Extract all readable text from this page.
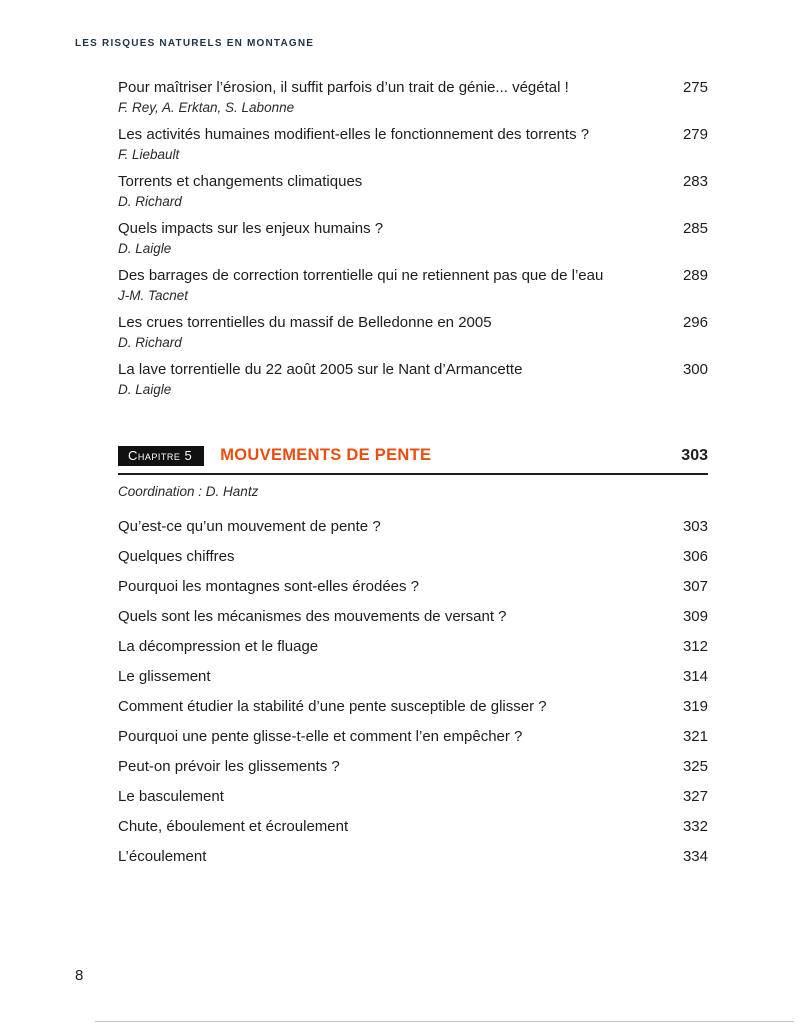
LES RISQUES NATURELS EN MONTAGNE
Pour maîtriser l’érosion, il suffit parfois d’un trait de génie... végétal !	275
F. Rey, A. Erktan, S. Labonne
Les activités humaines modifient-elles le fonctionnement des torrents ?	279
F. Liebault
Torrents et changements climatiques	283
D. Richard
Quels impacts sur les enjeux humains ?	285
D. Laigle
Des barrages de correction torrentielle qui ne retiennent pas que de l’eau	289
J-M. Tacnet
Les crues torrentielles du massif de Belledonne en 2005	296
D. Richard
La lave torrentielle du 22 août 2005 sur le Nant d’Armancette	300
D. Laigle
Chapitre 5	MOUVEMENTS DE PENTE	303
Coordination : D. Hantz
Qu’est-ce qu’un mouvement de pente ?	303
Quelques chiffres	306
Pourquoi les montagnes sont-elles érodées ?	307
Quels sont les mécanismes des mouvements de versant ?	309
La décompression et le fluage	312
Le glissement	314
Comment étudier la stabilité d’une pente susceptible de glisser ?	319
Pourquoi une pente glisse-t-elle et comment l’en empêcher ?	321
Peut-on prévoir les glissements ?	325
Le basculement	327
Chute, éboulement et écroulement	332
L’écoulement	334
8
